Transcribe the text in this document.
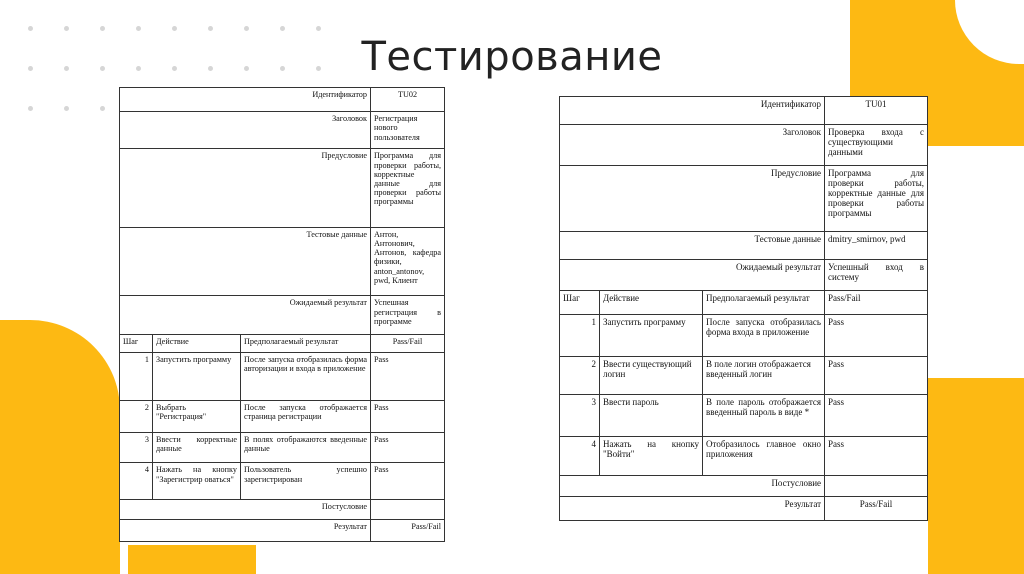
Тестирование
Идентификатор			TU02
Заголовок			Регистрация нового пользователя
Предусловие			Программа для проверки работы, корректные данные для проверки работы программы
Тестовые данные			Антон, Антонович, Антонов, кафедра физики, anton_antonov, pwd, Клиент
Ожидаемый результат			Успешная регистрация в программе
Шаг	Действие	Предполагаемый результат	Pass/Fail
1	Запустить программу	После запуска отобразилась форма авторизации и входа в приложение	Pass
2	Выбрать "Регистрация"	После запуска отображается страница регистрации	Pass
3	Ввести корректные данные	В полях отображаются введенные данные	Pass
4	Нажать на кнопку "Зарегистрир оваться"	Пользователь успешно зарегистрирован	Pass
Постусловие			
Результат			Pass/Fail
Идентификатор			TU01
Заголовок			Проверка входа с существующими данными
Предусловие			Программа для проверки работы, корректные данные для проверки работы программы
Тестовые данные			dmitry_smirnov, pwd
Ожидаемый результат			Успешный вход в систему
Шаг	Действие	Предполагаемый результат	Pass/Fail
1	Запустить программу	После запуска отобразилась форма входа в приложение	Pass
2	Ввести существующий логин	В поле логин отображается введенный логин	Pass
3	Ввести пароль	В поле пароль отображается введенный пароль в виде *	Pass
4	Нажать на кнопку "Войти"	Отобразилось главное окно приложения	Pass
Постусловие			
Результат			Pass/Fail
